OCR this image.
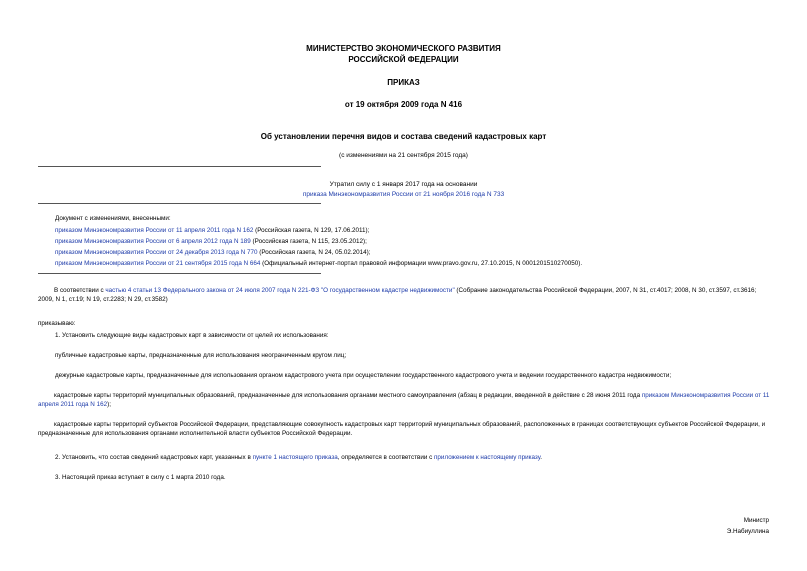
МИНИСТЕРСТВО ЭКОНОМИЧЕСКОГО РАЗВИТИЯ
РОССИЙСКОЙ ФЕДЕРАЦИИ
ПРИКАЗ
от 19 октября 2009 года N 416
Об установлении перечня видов и состава сведений кадастровых карт
(с изменениями на 21 сентября 2015 года)
Утратил силу с 1 января 2017 года на основании
приказа Минэкономразвития России от 21 ноября 2016 года N 733
Документ с изменениями, внесенными:
приказом Минэкономразвития России от 11 апреля 2011 года N 162 (Российская газета, N 129, 17.06.2011);
приказом Минэкономразвития России от 6 апреля 2012 года N 189 (Российская газета, N 115, 23.05.2012);
приказом Минэкономразвития России от 24 декабря 2013 года N 770 (Российская газета, N 24, 05.02.2014);
приказом Минэкономразвития России от 21 сентября 2015 года N 664 (Официальный интернет-портал правовой информации www.pravo.gov.ru, 27.10.2015, N 0001201510270050).
В соответствии с частью 4 статьи 13 Федерального закона от 24 июля 2007 года N 221-ФЗ "О государственном кадастре недвижимости" (Собрание законодательства Российской Федерации, 2007, N 31, ст.4017; 2008, N 30, ст.3597, ст.3616; 2009, N 1, ст.19; N 19, ст.2283; N 29, ст.3582)
приказываю:
1. Установить следующие виды кадастровых карт в зависимости от целей их использования:
публичные кадастровые карты, предназначенные для использования неограниченным кругом лиц;
дежурные кадастровые карты, предназначенные для использования органом кадастрового учета при осуществлении государственного кадастрового учета и ведении государственного кадастра недвижимости;
кадастровые карты территорий муниципальных образований, предназначенные для использования органами местного самоуправления (абзац в редакции, введенной в действие с 28 июня 2011 года приказом Минэкономразвития России от 11 апреля 2011 года N 162);
кадастровые карты территорий субъектов Российской Федерации, представляющие совокупность кадастровых карт территорий муниципальных образований, расположенных в границах соответствующих субъектов Российской Федерации, и предназначенные для использования органами исполнительной власти субъектов Российской Федерации.
2. Установить, что состав сведений кадастровых карт, указанных в пункте 1 настоящего приказа, определяется в соответствии с приложением к настоящему приказу.
3. Настоящий приказ вступает в силу с 1 марта 2010 года.
Министр
Э.Набиуллина
